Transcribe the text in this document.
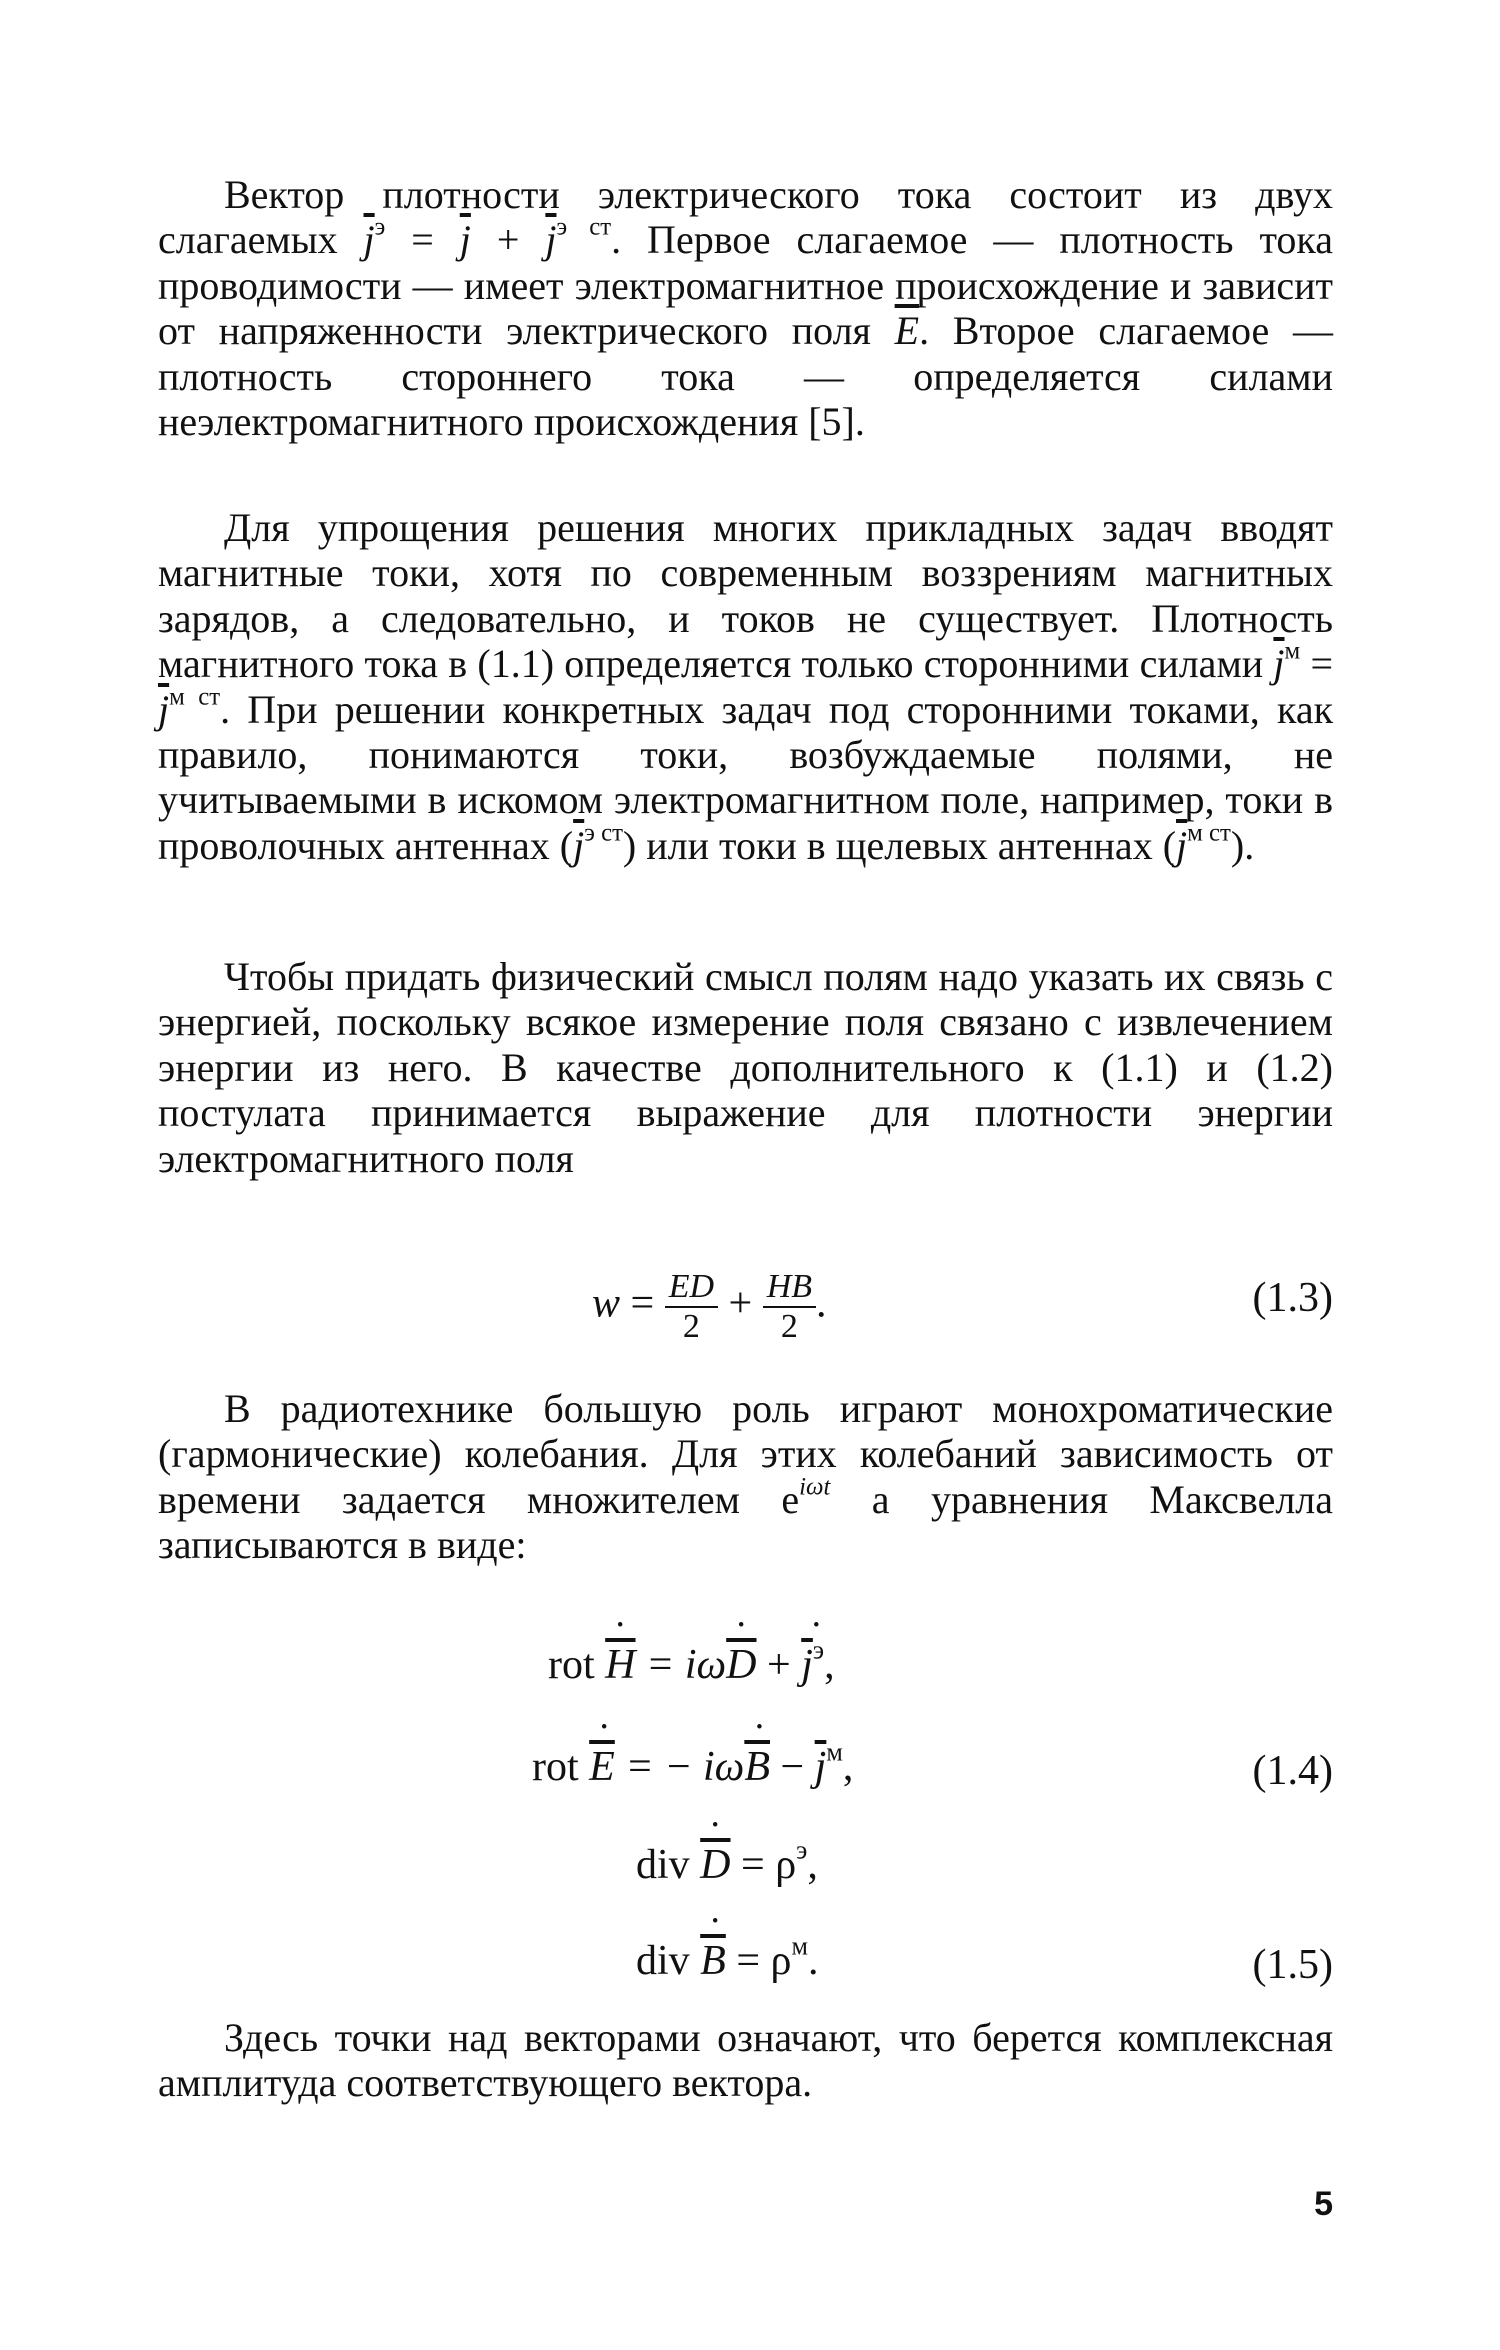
Вектор плотности электрического тока состоит из двух слагаемых $\overline{j}^э = \overline{j} + \overline{j}^{э ст}$. Первое слагаемое — плотность тока проводимости — имеет электромагнитное происхождение и зависит от напряженности электрического поля $\overline{E}$. Второе слагаемое — плотность стороннего тока — определяется силами неэлектромагнитного происхождения [5].

Для упрощения решения многих прикладных задач вводят магнитные токи, хотя по современным воззрениям магнитных зарядов, а следовательно, и токов не существует. Плотность магнитного тока в (1.1) определяется только сторонними силами $\overline{j}^м = \overline{j}^{м ст}$. При решении конкретных задач под сторонними токами, как правило, понимаются токи, возбуждаемые полями, не учитываемыми в искомом электромагнитном поле, например, токи в проволочных антеннах $(\overline{j}^{э ст})$ или токи в щелевых антеннах $(\overline{j}^{м ст})$.

Чтобы придать физический смысл полям надо указать их связь с энергией, поскольку всякое измерение поля связано с извлечением энергии из него. В качестве дополнительного к (1.1) и (1.2) постулата принимается выражение для плотности энергии электромагнитного поля

$w = \frac{ED}{2} + \frac{HB}{2}$ .	(1.3)

В радиотехнике большую роль играют монохроматические (гармонические) колебания. Для этих колебаний зависимость от времени задается множителем $e^{i\omega t}$ а уравнения Максвелла записываются в виде:

rot ˙ $\overline{H}$ = iω˙ $\overline{D}$ + ˙ $\overline{j}^э$,
rot ˙ $\overline{E}$ = − iω˙ $\overline{B} - \overline{j}^м$,	(1.4)
div ˙ $\overline{D} = \rho^э$,
div ˙ $\overline{B} = \rho^м$.	(1.5)

Здесь точки над векторами означают, что берется комплексная амплитуда соответствующего вектора.

5
